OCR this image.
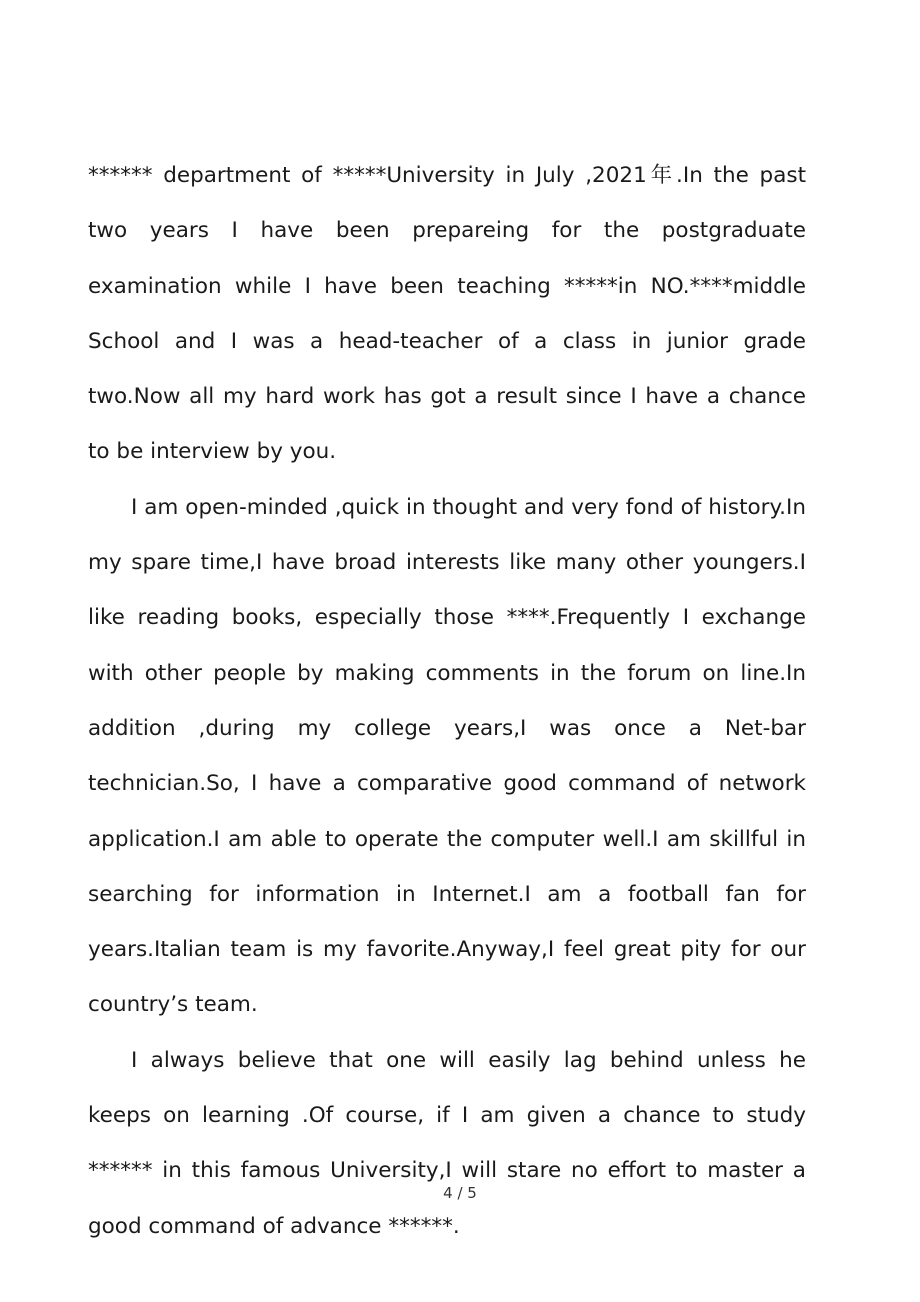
****** department of *****University in July ,2021年.In the past two years I have been prepareing for the postgraduate examination while I have been teaching *****in NO.****middle School and I was a head-teacher of a class in junior grade two.Now all my hard work has got a result since I have a chance to be interview by you.

I am open-minded ,quick in thought and very fond of history.In my spare time,I have broad interests like many other youngers.I like reading books, especially those ****.Frequently I exchange with other people by making comments in the forum on line.In addition ,during my college years,I was once a Net-bar technician.So, I have a comparative good command of network application.I am able to operate the computer well.I am skillful in searching for information in Internet.I am a football fan for years.Italian team is my favorite.Anyway,I feel great pity for our country’s team.

I always believe that one will easily lag behind unless he keeps on learning .Of course, if I am given a chance to study ****** in this famous University,I will stare no effort to master a good command of advance ******.

4 / 5
